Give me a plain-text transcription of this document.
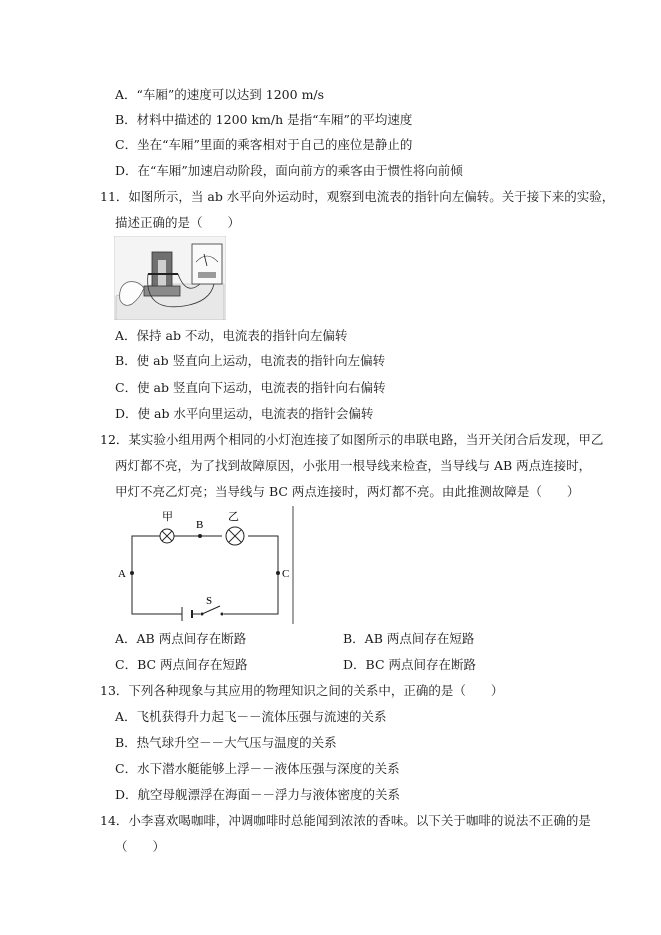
A．“车厢”的速度可以达到 1200 m/s
B．材料中描述的 1200 km/h 是指“车厢”的平均速度
C．坐在“车厢”里面的乘客相对于自己的座位是静止的
D．在“车厢”加速启动阶段，面向前方的乘客由于惯性将向前倾
11．如图所示，当 ab 水平向外运动时，观察到电流表的指针向左偏转。关于接下来的实验，
描述正确的是（　　）
A．保持 ab 不动，电流表的指针向左偏转
B．使 ab 竖直向上运动，电流表的指针向左偏转
C．使 ab 竖直向下运动，电流表的指针向右偏转
D．使 ab 水平向里运动，电流表的指针会偏转
12．某实验小组用两个相同的小灯泡连接了如图所示的串联电路，当开关闭合后发现，甲乙
两灯都不亮，为了找到故障原因，小张用一根导线来检查，当导线与 AB 两点连接时，
甲灯不亮乙灯亮；当导线与 BC 两点连接时，两灯都不亮。由此推测故障是（　　）
甲	乙
B
A	C
S
A．AB 两点间存在断路	B．AB 两点间存在短路
C．BC 两点间存在短路	D．BC 两点间存在断路
13．下列各种现象与其应用的物理知识之间的关系中，正确的是（　　）
A．飞机获得升力起飞－－流体压强与流速的关系
B．热气球升空－－大气压与温度的关系
C．水下潜水艇能够上浮－－液体压强与深度的关系
D．航空母舰漂浮在海面－－浮力与液体密度的关系
14．小李喜欢喝咖啡，冲调咖啡时总能闻到浓浓的香味。以下关于咖啡的说法不正确的是
（　　）
